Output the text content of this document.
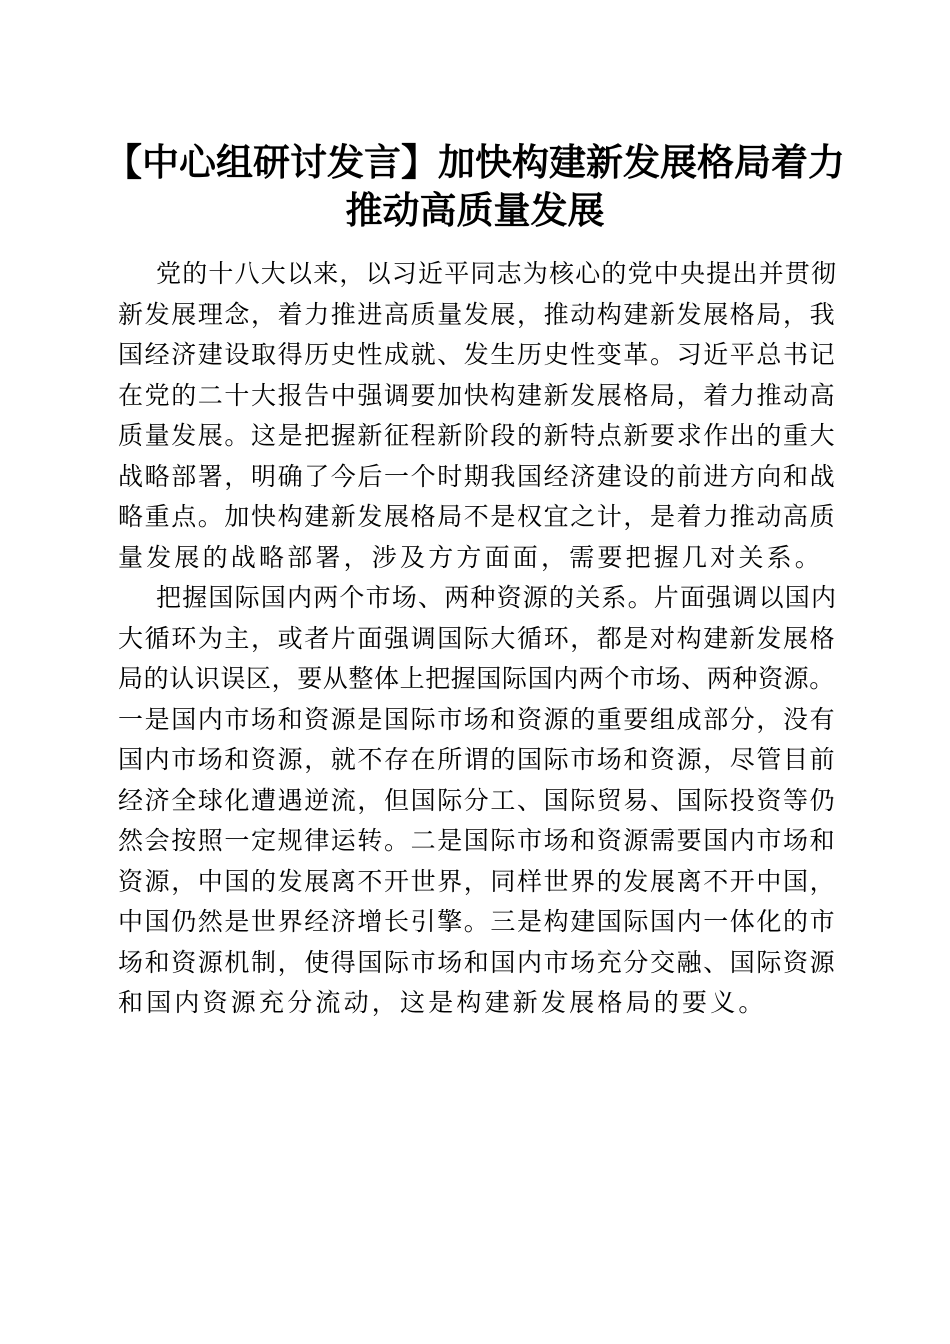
【中心组研讨发言】加快构建新发展格局着力
推动高质量发展
党的十八大以来，以习近平同志为核心的党中央提出并贯彻
新发展理念，着力推进高质量发展，推动构建新发展格局，我
国经济建设取得历史性成就、发生历史性变革。习近平总书记
在党的二十大报告中强调要加快构建新发展格局，着力推动高
质量发展。这是把握新征程新阶段的新特点新要求作出的重大
战略部署，明确了今后一个时期我国经济建设的前进方向和战
略重点。加快构建新发展格局不是权宜之计，是着力推动高质
量发展的战略部署，涉及方方面面，需要把握几对关系。
把握国际国内两个市场、两种资源的关系。片面强调以国内
大循环为主，或者片面强调国际大循环，都是对构建新发展格
局的认识误区，要从整体上把握国际国内两个市场、两种资源。
一是国内市场和资源是国际市场和资源的重要组成部分，没有
国内市场和资源，就不存在所谓的国际市场和资源，尽管目前
经济全球化遭遇逆流，但国际分工、国际贸易、国际投资等仍
然会按照一定规律运转。二是国际市场和资源需要国内市场和
资源，中国的发展离不开世界，同样世界的发展离不开中国，
中国仍然是世界经济增长引擎。三是构建国际国内一体化的市
场和资源机制，使得国际市场和国内市场充分交融、国际资源
和国内资源充分流动，这是构建新发展格局的要义。
